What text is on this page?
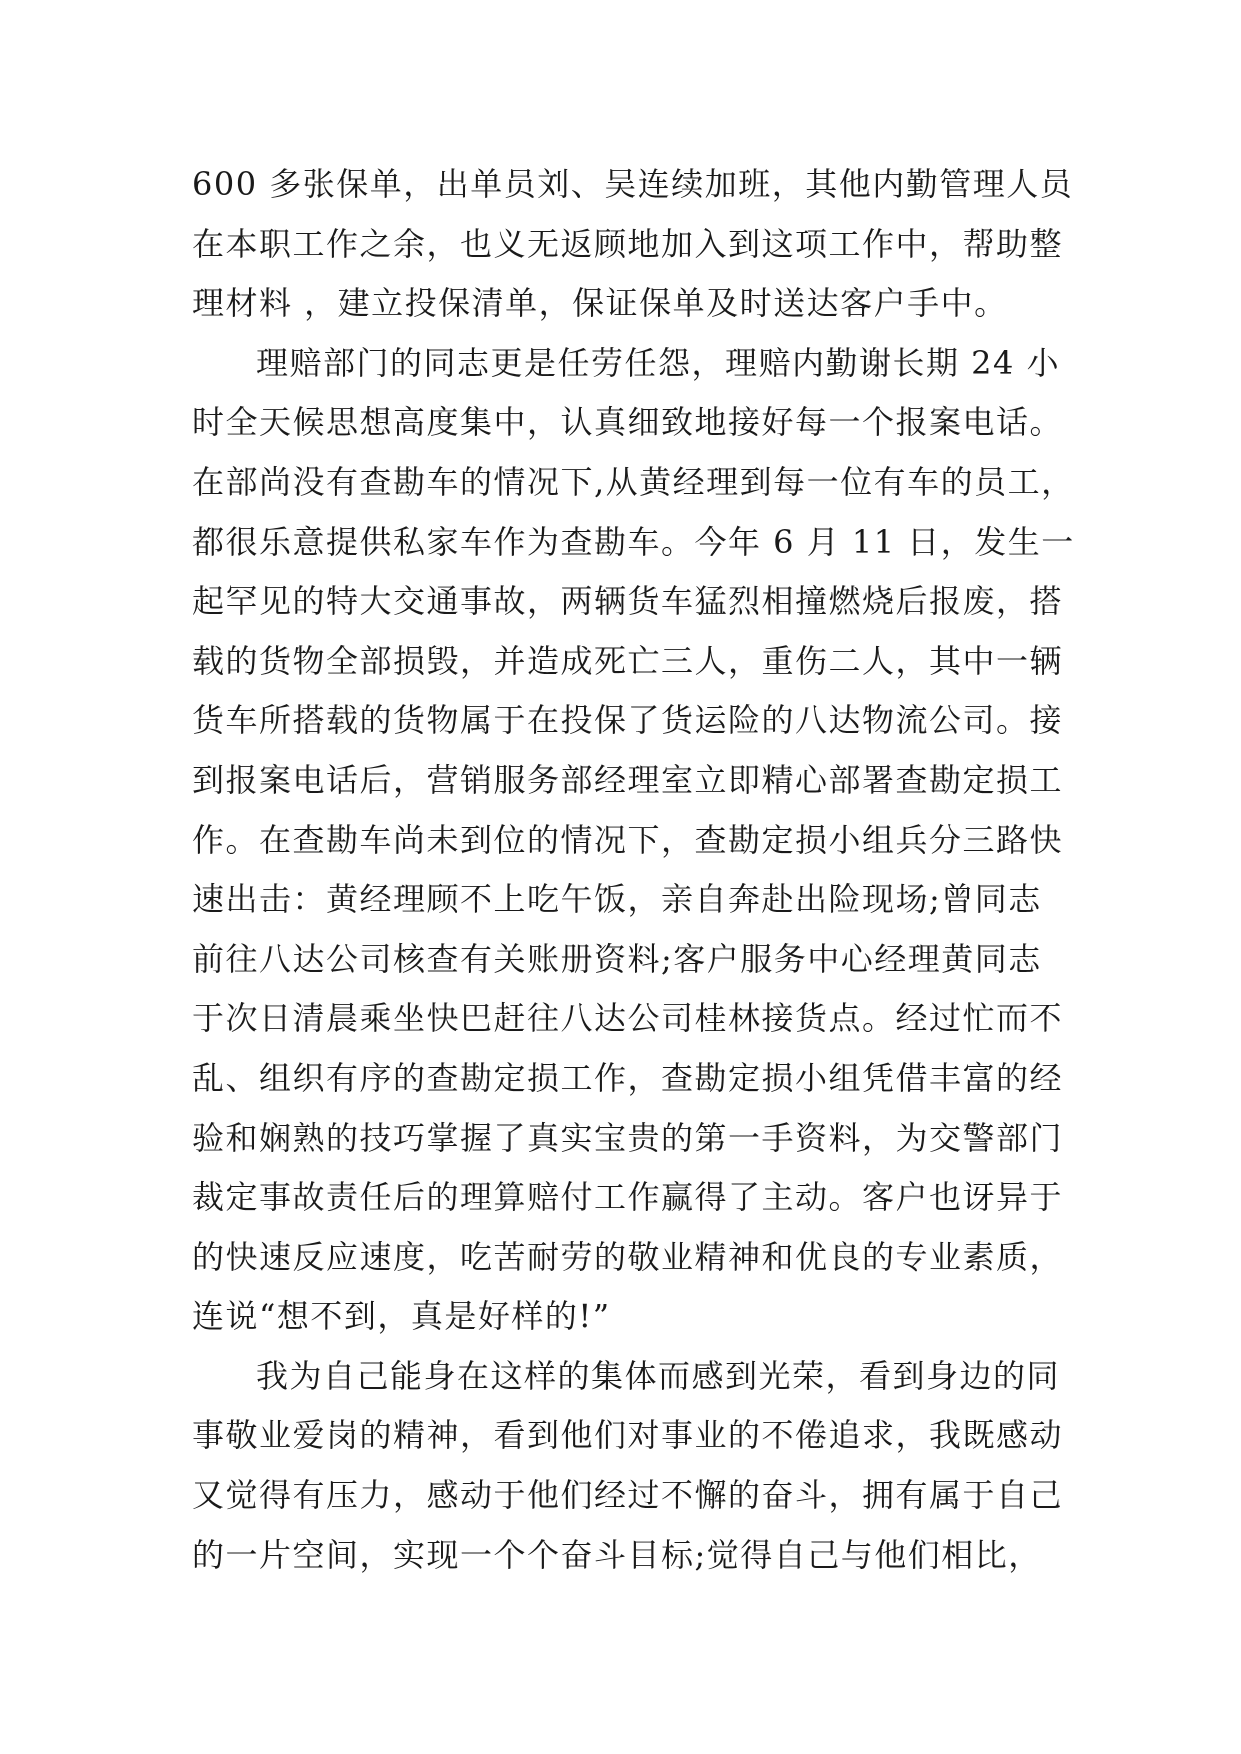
600 多张保单，出单员刘、吴连续加班，其他内勤管理人员
在本职工作之余，也义无返顾地加入到这项工作中，帮助整
理材料 ，建立投保清单，保证保单及时送达客户手中。
理赔部门的同志更是任劳任怨，理赔内勤谢长期 24 小
时全天候思想高度集中，认真细致地接好每一个报案电话。
在部尚没有查勘车的情况下,从黄经理到每一位有车的员工，
都很乐意提供私家车作为查勘车。今年 6 月 11 日，发生一
起罕见的特大交通事故，两辆货车猛烈相撞燃烧后报废，搭
载的货物全部损毁，并造成死亡三人，重伤二人，其中一辆
货车所搭载的货物属于在投保了货运险的八达物流公司。接
到报案电话后，营销服务部经理室立即精心部署查勘定损工
作。在查勘车尚未到位的情况下，查勘定损小组兵分三路快
速出击：黄经理顾不上吃午饭，亲自奔赴出险现场;曾同志
前往八达公司核查有关账册资料;客户服务中心经理黄同志
于次日清晨乘坐快巴赶往八达公司桂林接货点。经过忙而不
乱、组织有序的查勘定损工作，查勘定损小组凭借丰富的经
验和娴熟的技巧掌握了真实宝贵的第一手资料，为交警部门
裁定事故责任后的理算赔付工作赢得了主动。客户也讶异于
的快速反应速度，吃苦耐劳的敬业精神和优良的专业素质，
连说“想不到，真是好样的!”
我为自己能身在这样的集体而感到光荣，看到身边的同
事敬业爱岗的精神，看到他们对事业的不倦追求，我既感动
又觉得有压力，感动于他们经过不懈的奋斗，拥有属于自己
的一片空间，实现一个个奋斗目标;觉得自己与他们相比，
